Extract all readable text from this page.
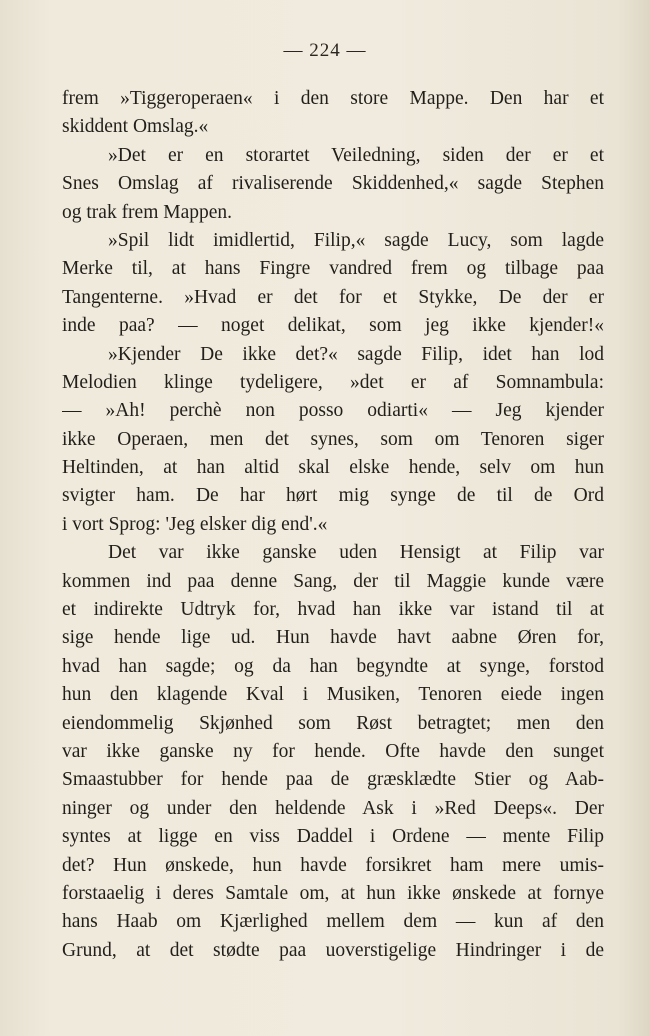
— 224 —
frem »Tiggeroperaen« i den store Mappe. Den har et
skiddent Omslag.«
»Det er en storartet Veiledning, siden der er et
Snes Omslag af rivaliserende Skiddenhed,« sagde Stephen
og trak frem Mappen.
»Spil lidt imidlertid, Filip,« sagde Lucy, som lagde
Merke til, at hans Fingre vandred frem og tilbage paa
Tangenterne. »Hvad er det for et Stykke, De der er
inde paa? — noget delikat, som jeg ikke kjender!«
»Kjender De ikke det?« sagde Filip, idet han lod
Melodien klinge tydeligere, »det er af Somnambula:
— »Ah! perchè non posso odiarti« — Jeg kjender
ikke Operaen, men det synes, som om Tenoren siger
Heltinden, at han altid skal elske hende, selv om hun
svigter ham. De har hørt mig synge de til de Ord
i vort Sprog: 'Jeg elsker dig end'.«
Det var ikke ganske uden Hensigt at Filip var
kommen ind paa denne Sang, der til Maggie kunde være
et indirekte Udtryk for, hvad han ikke var istand til at
sige hende lige ud. Hun havde havt aabne Øren for,
hvad han sagde; og da han begyndte at synge, forstod
hun den klagende Kval i Musiken, Tenoren eiede ingen
eiendommelig Skjønhed som Røst betragtet; men den
var ikke ganske ny for hende. Ofte havde den sunget
Smaastubber for hende paa de græsklædte Stier og Aab-
ninger og under den heldende Ask i »Red Deeps«. Der
syntes at ligge en viss Daddel i Ordene — mente Filip
det? Hun ønskede, hun havde forsikret ham mere umis-
forstaaelig i deres Samtale om, at hun ikke ønskede at fornye
hans Haab om Kjærlighed mellem dem — kun af den
Grund, at det stødte paa uoverstigelige Hindringer i de
